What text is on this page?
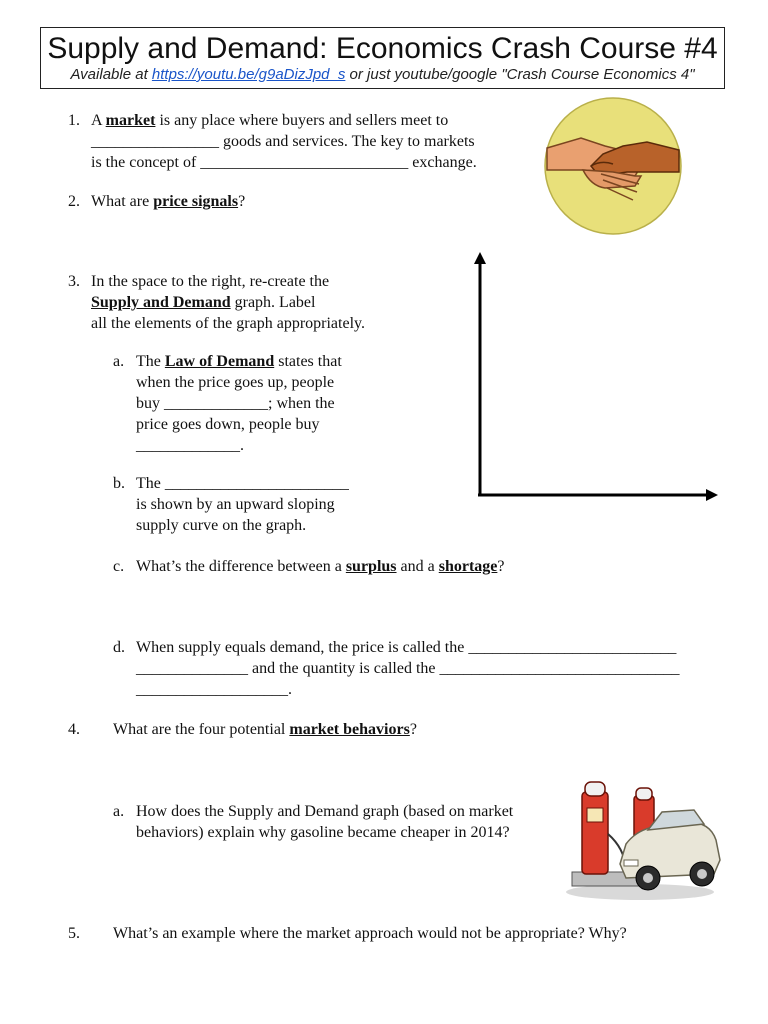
Supply and Demand: Economics Crash Course #4
Available at https://youtu.be/g9aDizJpd_s or just youtube/google "Crash Course Economics 4"
1. A market is any place where buyers and sellers meet to
________________ goods and services. The key to markets
is the concept of __________________________ exchange.
2. What are price signals?
3. In the space to the right, re-create the
Supply and Demand graph. Label
all the elements of the graph appropriately.
a. The Law of Demand states that
when the price goes up, people
buy _____________; when the
price goes down, people buy
_____________.
b. The _______________________
is shown by an upward sloping
supply curve on the graph.
c. What’s the difference between a surplus and a shortage?
d. When supply equals demand, the price is called the __________________________
______________ and the quantity is called the ______________________________
___________________.
4. What are the four potential market behaviors?
a. How does the Supply and Demand graph (based on market
behaviors) explain why gasoline became cheaper in 2014?
5. What’s an example where the market approach would not be appropriate? Why?
